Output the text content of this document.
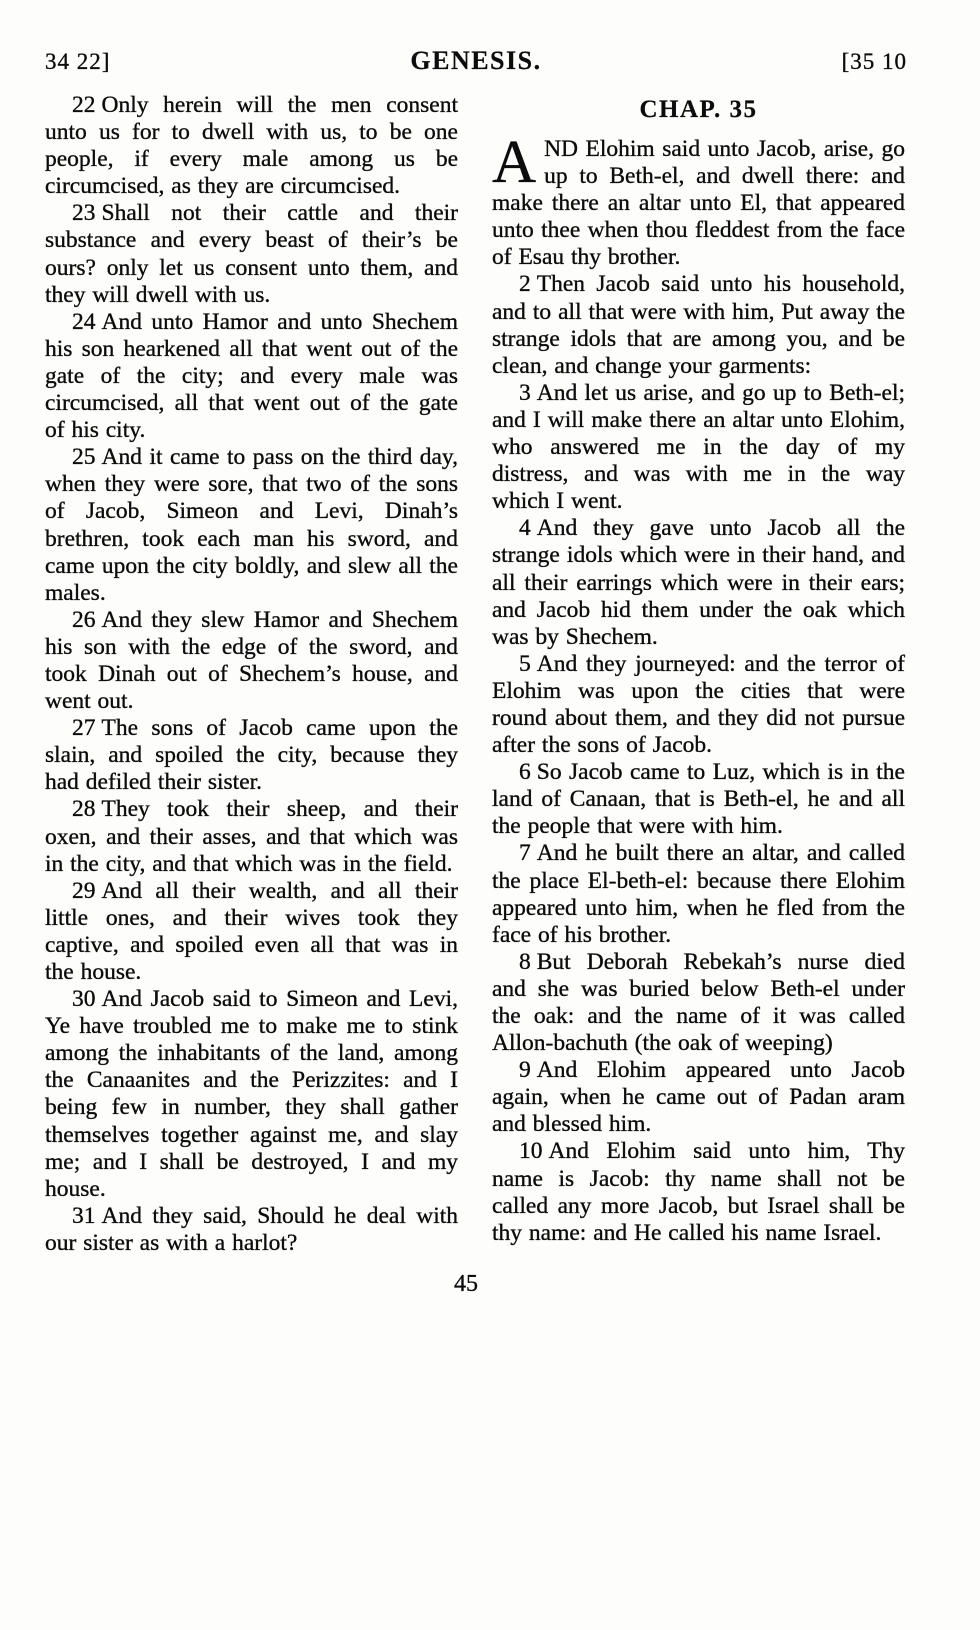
34 22]	GENESIS.	[35 10

22 Only herein will the men consent unto us for to dwell with us, to be one people, if every male among us be circumcised, as they are circumcised.

23 Shall not their cattle and their substance and every beast of their’s be ours? only let us consent unto them, and they will dwell with us.

24 And unto Hamor and unto Shechem his son hearkened all that went out of the gate of the city; and every male was circumcised, all that went out of the gate of his city.

25 And it came to pass on the third day, when they were sore, that two of the sons of Jacob, Simeon and Levi, Dinah’s brethren, took each man his sword, and came upon the city boldly, and slew all the males.

26 And they slew Hamor and Shechem his son with the edge of the sword, and took Dinah out of Shechem’s house, and went out.

27 The sons of Jacob came upon the slain, and spoiled the city, because they had defiled their sister.

28 They took their sheep, and their oxen, and their asses, and that which was in the city, and that which was in the field.

29 And all their wealth, and all their little ones, and their wives took they captive, and spoiled even all that was in the house.

30 And Jacob said to Simeon and Levi, Ye have troubled me to make me to stink among the inhabitants of the land, among the Canaanites and the Perizzites: and I being few in number, they shall gather themselves together against me, and slay me; and I shall be destroyed, I and my house.

31 And they said, Should he deal with our sister as with a harlot?

CHAP. 35

AND Elohim said unto Jacob, arise, go up to Beth-el, and dwell there: and make there an altar unto El, that appeared unto thee when thou fleddest from the face of Esau thy brother.

2 Then Jacob said unto his household, and to all that were with him, Put away the strange idols that are among you, and be clean, and change your garments:

3 And let us arise, and go up to Beth-el; and I will make there an altar unto Elohim, who answered me in the day of my distress, and was with me in the way which I went.

4 And they gave unto Jacob all the strange idols which were in their hand, and all their earrings which were in their ears; and Jacob hid them under the oak which was by Shechem.

5 And they journeyed: and the terror of Elohim was upon the cities that were round about them, and they did not pursue after the sons of Jacob.

6 So Jacob came to Luz, which is in the land of Canaan, that is Beth-el, he and all the people that were with him.

7 And he built there an altar, and called the place El-beth-el: because there Elohim appeared unto him, when he fled from the face of his brother.

8 But Deborah Rebekah’s nurse died and she was buried below Beth-el under the oak: and the name of it was called Allon-bachuth (the oak of weeping)

9 And Elohim appeared unto Jacob again, when he came out of Padan aram and blessed him.

10 And Elohim said unto him, Thy name is Jacob: thy name shall not be called any more Jacob, but Israel shall be thy name: and He called his name Israel.

45
